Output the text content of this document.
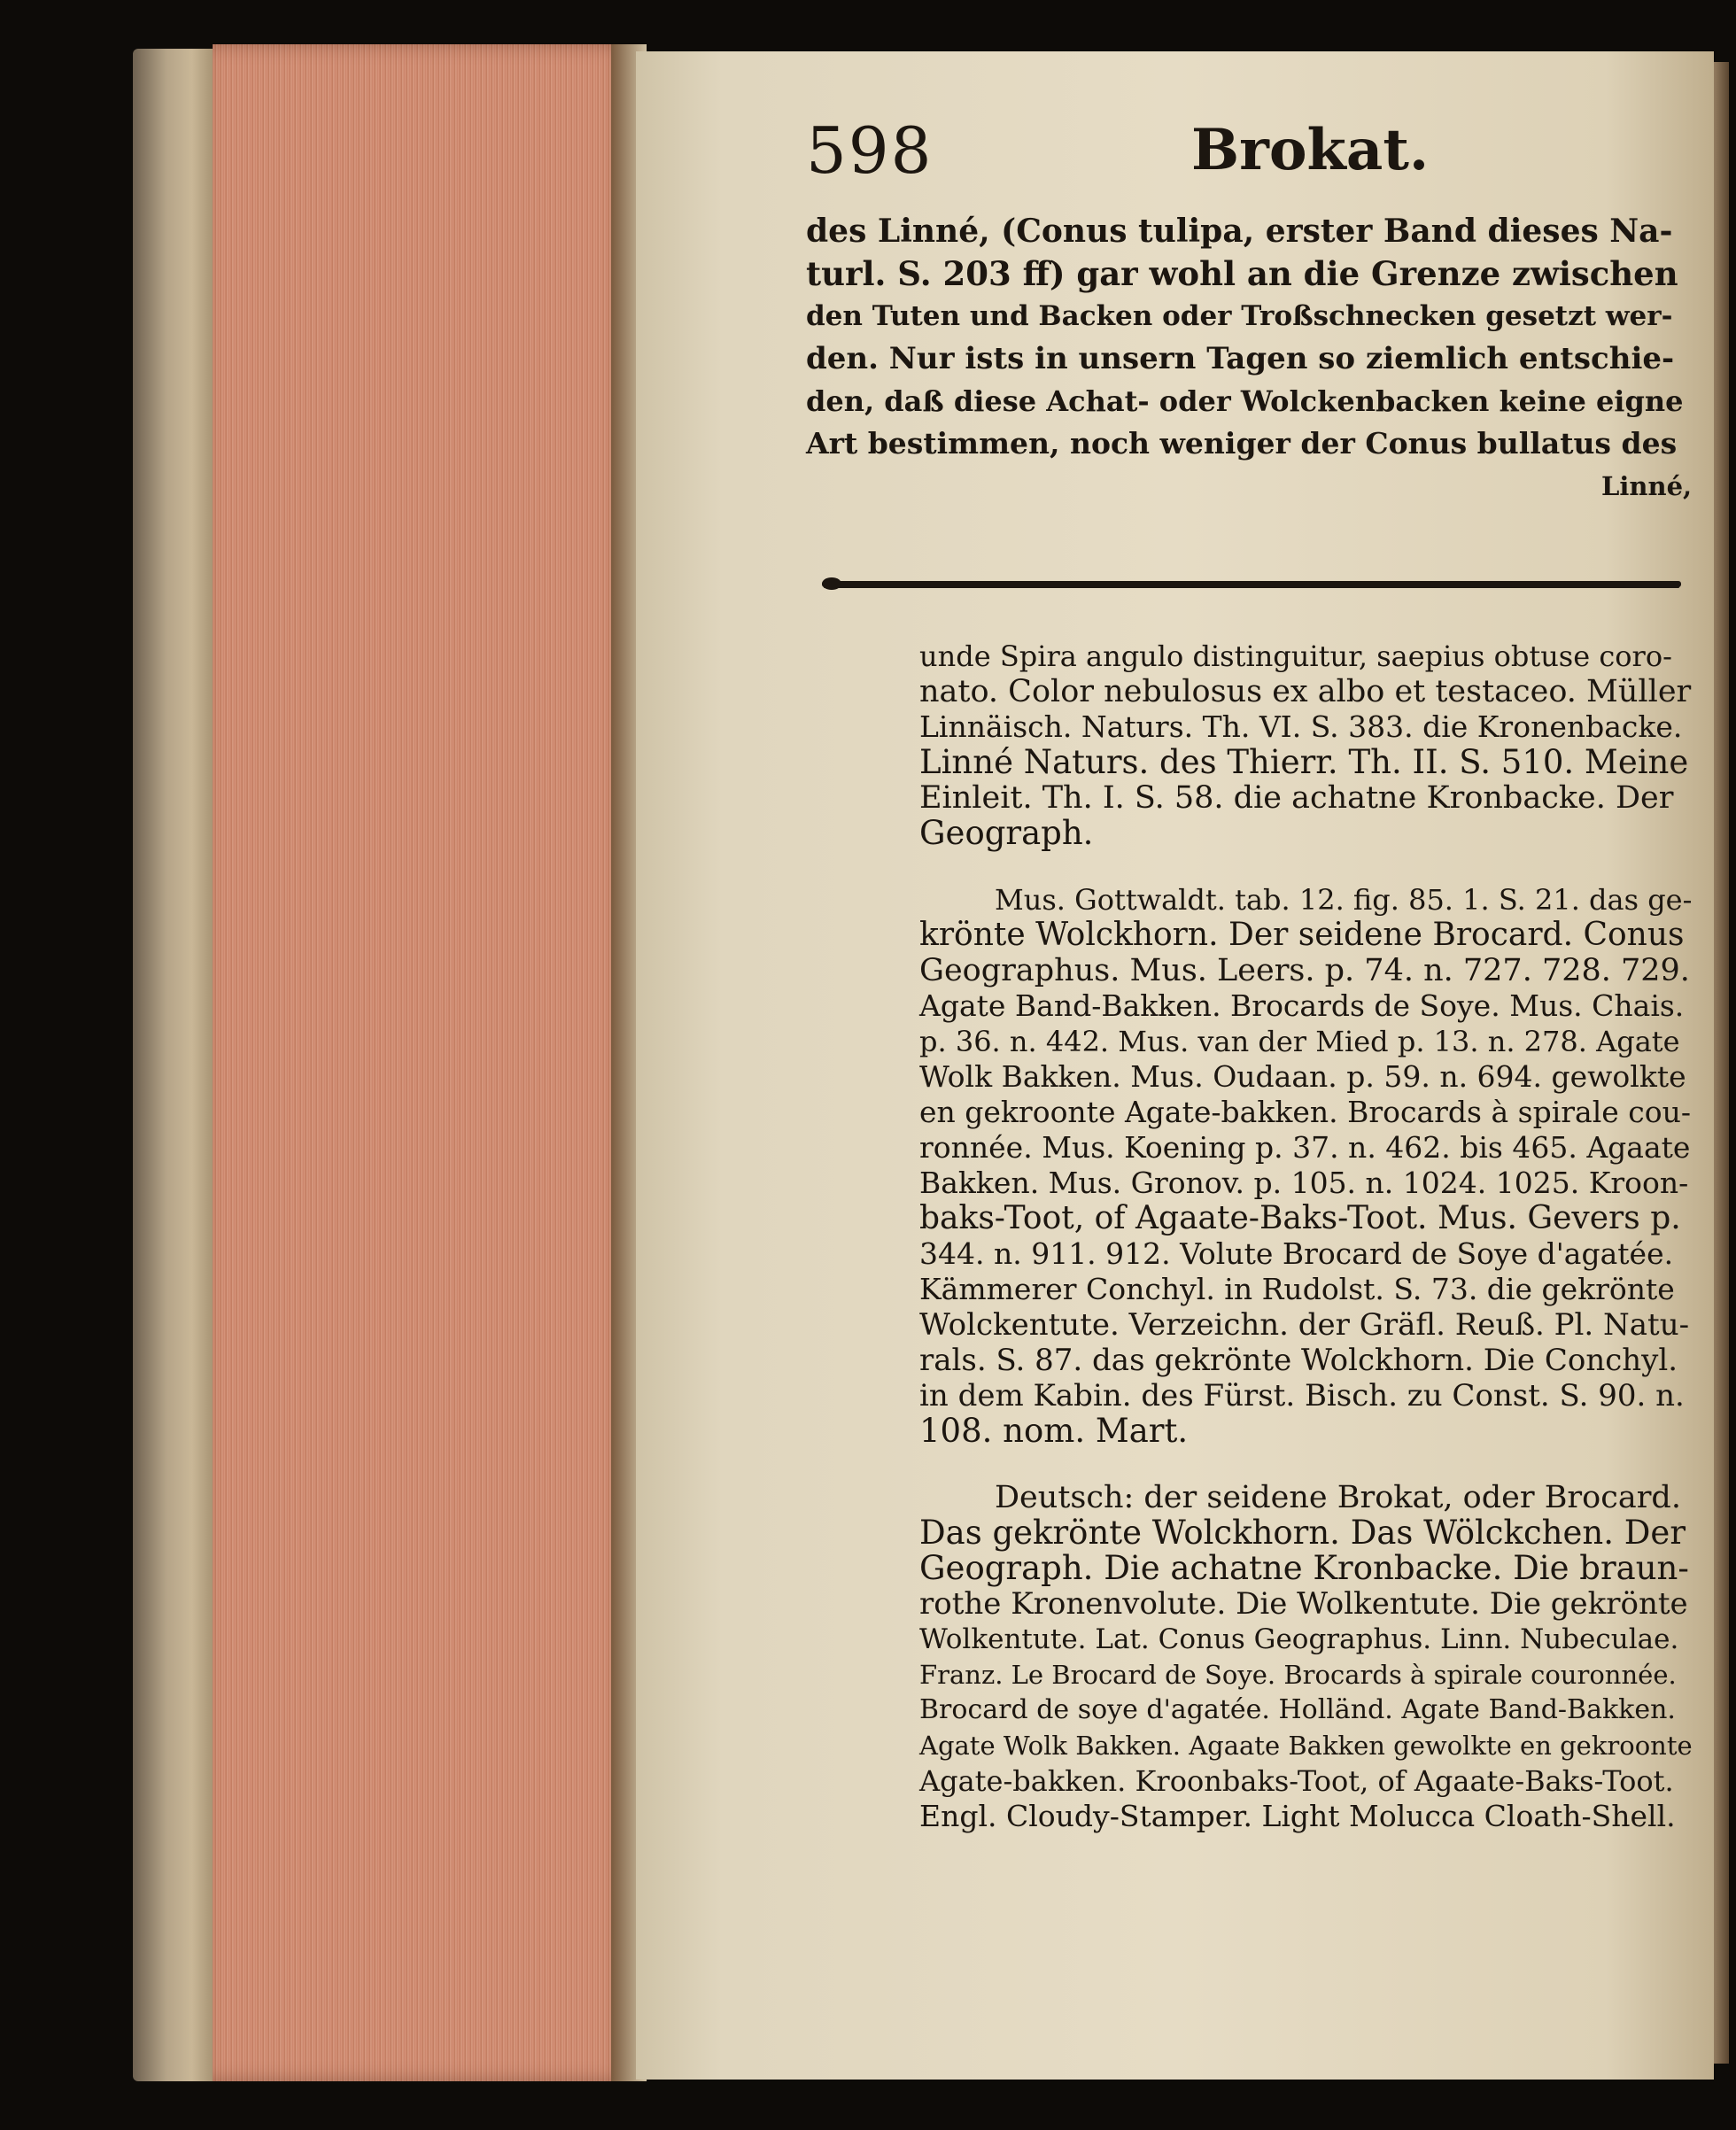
598	Brokat.
des Linné, (Conus tulipa, erster Band dieses Na-
turl. S. 203 ff) gar wohl an die Grenze zwischen
den Tuten und Backen oder Troßschnecken gesetzt wer-
den. Nur ists in unsern Tagen so ziemlich entschie-
den, daß diese Achat- oder Wolckenbacken keine eigne
Art bestimmen, noch weniger der Conus bullatus des
Linné,
unde Spira angulo distinguitur, saepius obtuse coro-
nato. Color nebulosus ex albo et testaceo. Müller
Linnäisch. Naturs. Th. VI. S. 383. die Kronenbacke.
Linné Naturs. des Thierr. Th. II. S. 510. Meine
Einleit. Th. I. S. 58. die achatne Kronbacke. Der
Geograph.
Mus. Gottwaldt. tab. 12. fig. 85. 1. S. 21. das ge-
krönte Wolckhorn. Der seidene Brocard. Conus
Geographus. Mus. Leers. p. 74. n. 727. 728. 729.
Agate Band-Bakken. Brocards de Soye. Mus. Chais.
p. 36. n. 442. Mus. van der Mied p. 13. n. 278. Agate
Wolk Bakken. Mus. Oudaan. p. 59. n. 694. gewolkte
en gekroonte Agate-bakken. Brocards à spirale cou-
ronnée. Mus. Koening p. 37. n. 462. bis 465. Agaate
Bakken. Mus. Gronov. p. 105. n. 1024. 1025. Kroon-
baks-Toot, of Agaate-Baks-Toot. Mus. Gevers p.
344. n. 911. 912. Volute Brocard de Soye d'agatée.
Kämmerer Conchyl. in Rudolst. S. 73. die gekrönte
Wolckentute. Verzeichn. der Gräfl. Reuß. Pl. Natu-
rals. S. 87. das gekrönte Wolckhorn. Die Conchyl.
in dem Kabin. des Fürst. Bisch. zu Const. S. 90. n.
108. nom. Mart.
Deutsch: der seidene Brokat, oder Brocard.
Das gekrönte Wolckhorn. Das Wölckchen. Der
Geograph. Die achatne Kronbacke. Die braun-
rothe Kronenvolute. Die Wolkentute. Die gekrönte
Wolkentute. Lat. Conus Geographus. Linn. Nubeculae.
Franz. Le Brocard de Soye. Brocards à spirale couronnée.
Brocard de soye d'agatée. Holländ. Agate Band-Bakken.
Agate Wolk Bakken. Agaate Bakken gewolkte en gekroonte
Agate-bakken. Kroonbaks-Toot, of Agaate-Baks-Toot.
Engl. Cloudy-Stamper. Light Molucca Cloath-Shell.
